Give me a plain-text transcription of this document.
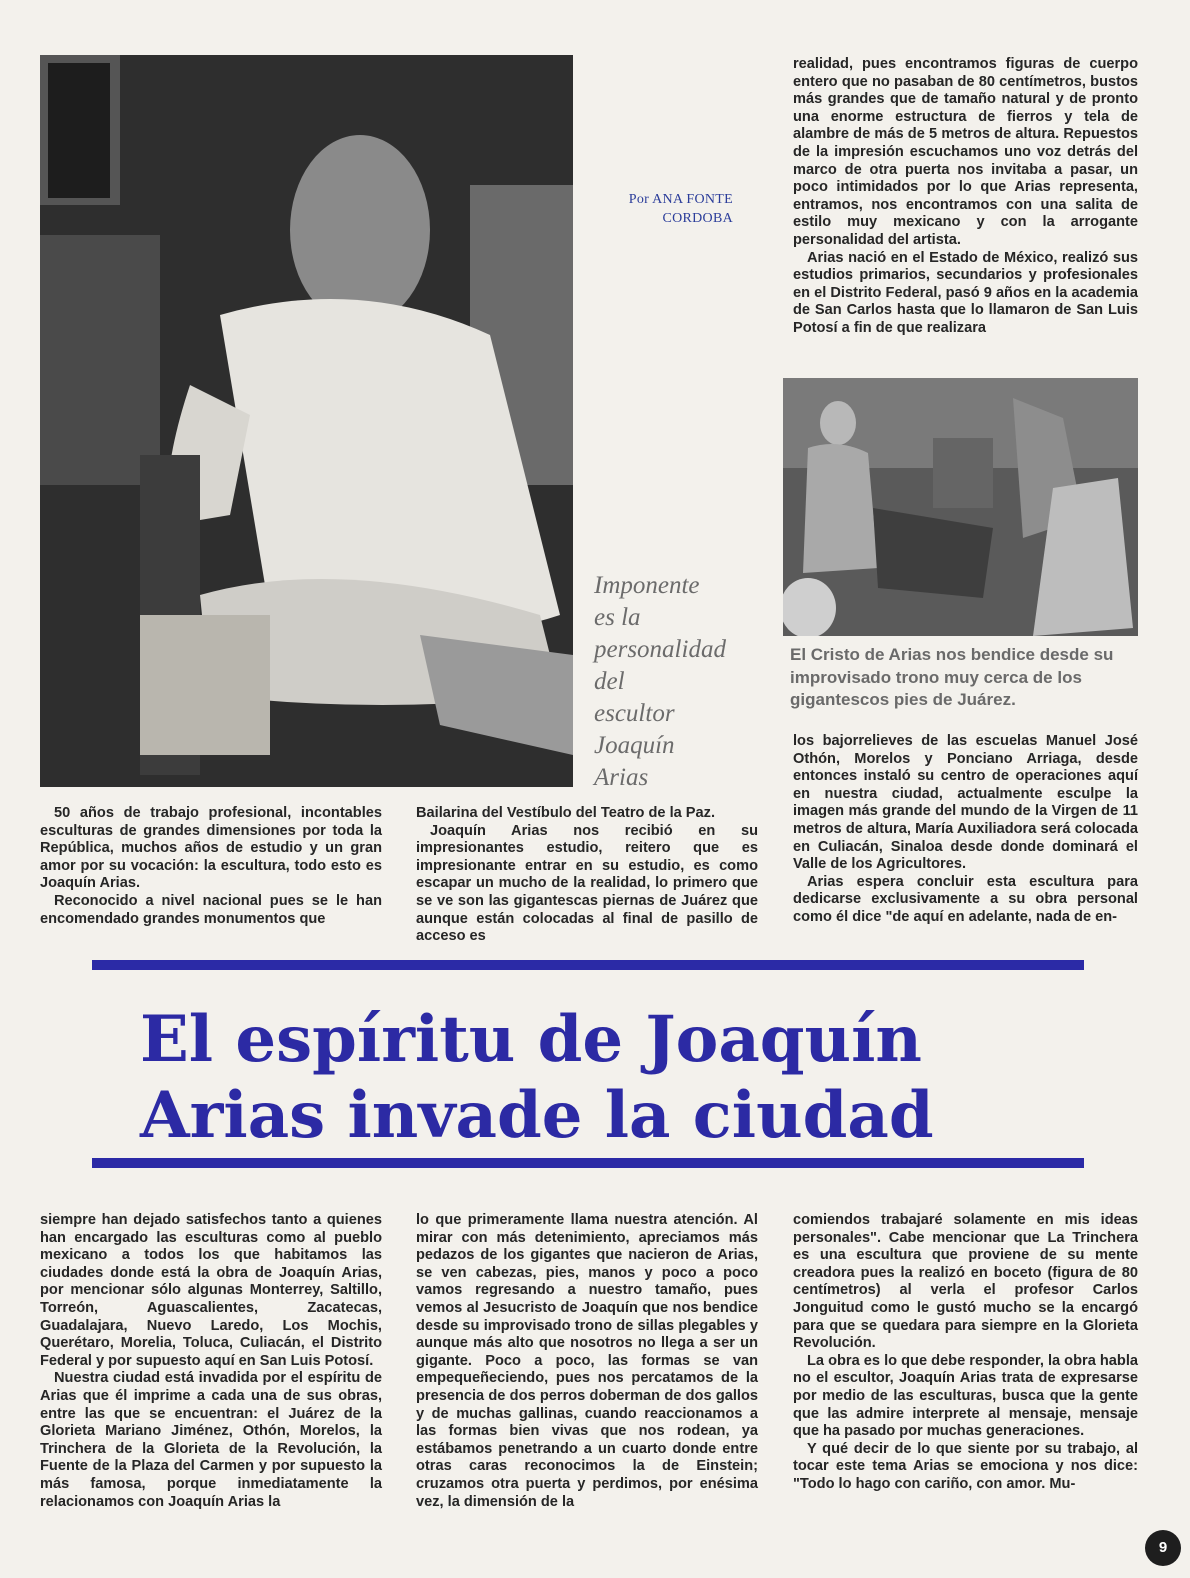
Por ANA FONTE
CORDOBA
Imponente
es la
personalidad
del
escultor
Joaquín
Arias

realidad, pues encontramos figuras de cuerpo entero que no pasaban de 80 centímetros, bustos más grandes que de tamaño natural y de pronto una enorme estructura de fierros y tela de alambre de más de 5 metros de altura. Repuestos de la impresión escuchamos uno voz detrás del marco de otra puerta nos invitaba a pasar, un poco intimidados por lo que Arias representa, entramos, nos encontramos con una salita de estilo muy mexicano y con la arrogante personalidad del artista.

Arias nació en el Estado de México, realizó sus estudios primarios, secundarios y profesionales en el Distrito Federal, pasó 9 años en la academia de San Carlos hasta que lo llamaron de San Luis Potosí a fin de que realizara

El Cristo de Arias nos bendice desde su improvisado trono muy cerca de los gigantescos pies de Juárez.

los bajorrelieves de las escuelas Manuel José Othón, Morelos y Ponciano Arriaga, desde entonces instaló su centro de operaciones aquí en nuestra ciudad, actualmente esculpe la imagen más grande del mundo de la Virgen de 11 metros de altura, María Auxiliadora será colocada en Culiacán, Sinaloa desde donde dominará el Valle de los Agricultores.

Arias espera concluir esta escultura para dedicarse exclusivamente a su obra personal como él dice "de aquí en adelante, nada de en-

50 años de trabajo profesional, incontables esculturas de grandes dimensiones por toda la República, muchos años de estudio y un gran amor por su vocación: la escultura, todo esto es Joaquín Arias.

Reconocido a nivel nacional pues se le han encomendado grandes monumentos que

Bailarina del Vestíbulo del Teatro de la Paz.

Joaquín Arias nos recibió en su impresionantes estudio, reitero que es impresionante entrar en su estudio, es como escapar un mucho de la realidad, lo primero que se ve son las gigantescas piernas de Juárez que aunque están colocadas al final de pasillo de acceso es

El espíritu de Joaquín
Arias invade la ciudad

siempre han dejado satisfechos tanto a quienes han encargado las esculturas como al pueblo mexicano a todos los que habitamos las ciudades donde está la obra de Joaquín Arias, por mencionar sólo algunas Monterrey, Saltillo, Torreón, Aguascalientes, Zacatecas, Guadalajara, Nuevo Laredo, Los Mochis, Querétaro, Morelia, Toluca, Culiacán, el Distrito Federal y por supuesto aquí en San Luis Potosí.

Nuestra ciudad está invadida por el espíritu de Arias que él imprime a cada una de sus obras, entre las que se encuentran: el Juárez de la Glorieta Mariano Jiménez, Othón, Morelos, la Trinchera de la Glorieta de la Revolución, la Fuente de la Plaza del Carmen y por supuesto la más famosa, porque inmediatamente la relacionamos con Joaquín Arias la

lo que primeramente llama nuestra atención. Al mirar con más detenimiento, apreciamos más pedazos de los gigantes que nacieron de Arias, se ven cabezas, pies, manos y poco a poco vamos regresando a nuestro tamaño, pues vemos al Jesucristo de Joaquín que nos bendice desde su improvisado trono de sillas plegables y aunque más alto que nosotros no llega a ser un gigante. Poco a poco, las formas se van empequeñeciendo, pues nos percatamos de la presencia de dos perros doberman de dos gallos y de muchas gallinas, cuando reaccionamos a las formas bien vivas que nos rodean, ya estábamos penetrando a un cuarto donde entre otras caras reconocimos la de Einstein; cruzamos otra puerta y perdimos, por enésima vez, la dimensión de la

comiendos trabajaré solamente en mis ideas personales". Cabe mencionar que La Trinchera es una escultura que proviene de su mente creadora pues la realizó en boceto (figura de 80 centímetros) al verla el profesor Carlos Jonguitud como le gustó mucho se la encargó para que se quedara para siempre en la Glorieta Revolución.

La obra es lo que debe responder, la obra habla no el escultor, Joaquín Arias trata de expresarse por medio de las esculturas, busca que la gente que las admire interprete al mensaje, mensaje que ha pasado por muchas generaciones.

Y qué decir de lo que siente por su trabajo, al tocar este tema Arias se emociona y nos dice: "Todo lo hago con cariño, con amor. Mu-

9
